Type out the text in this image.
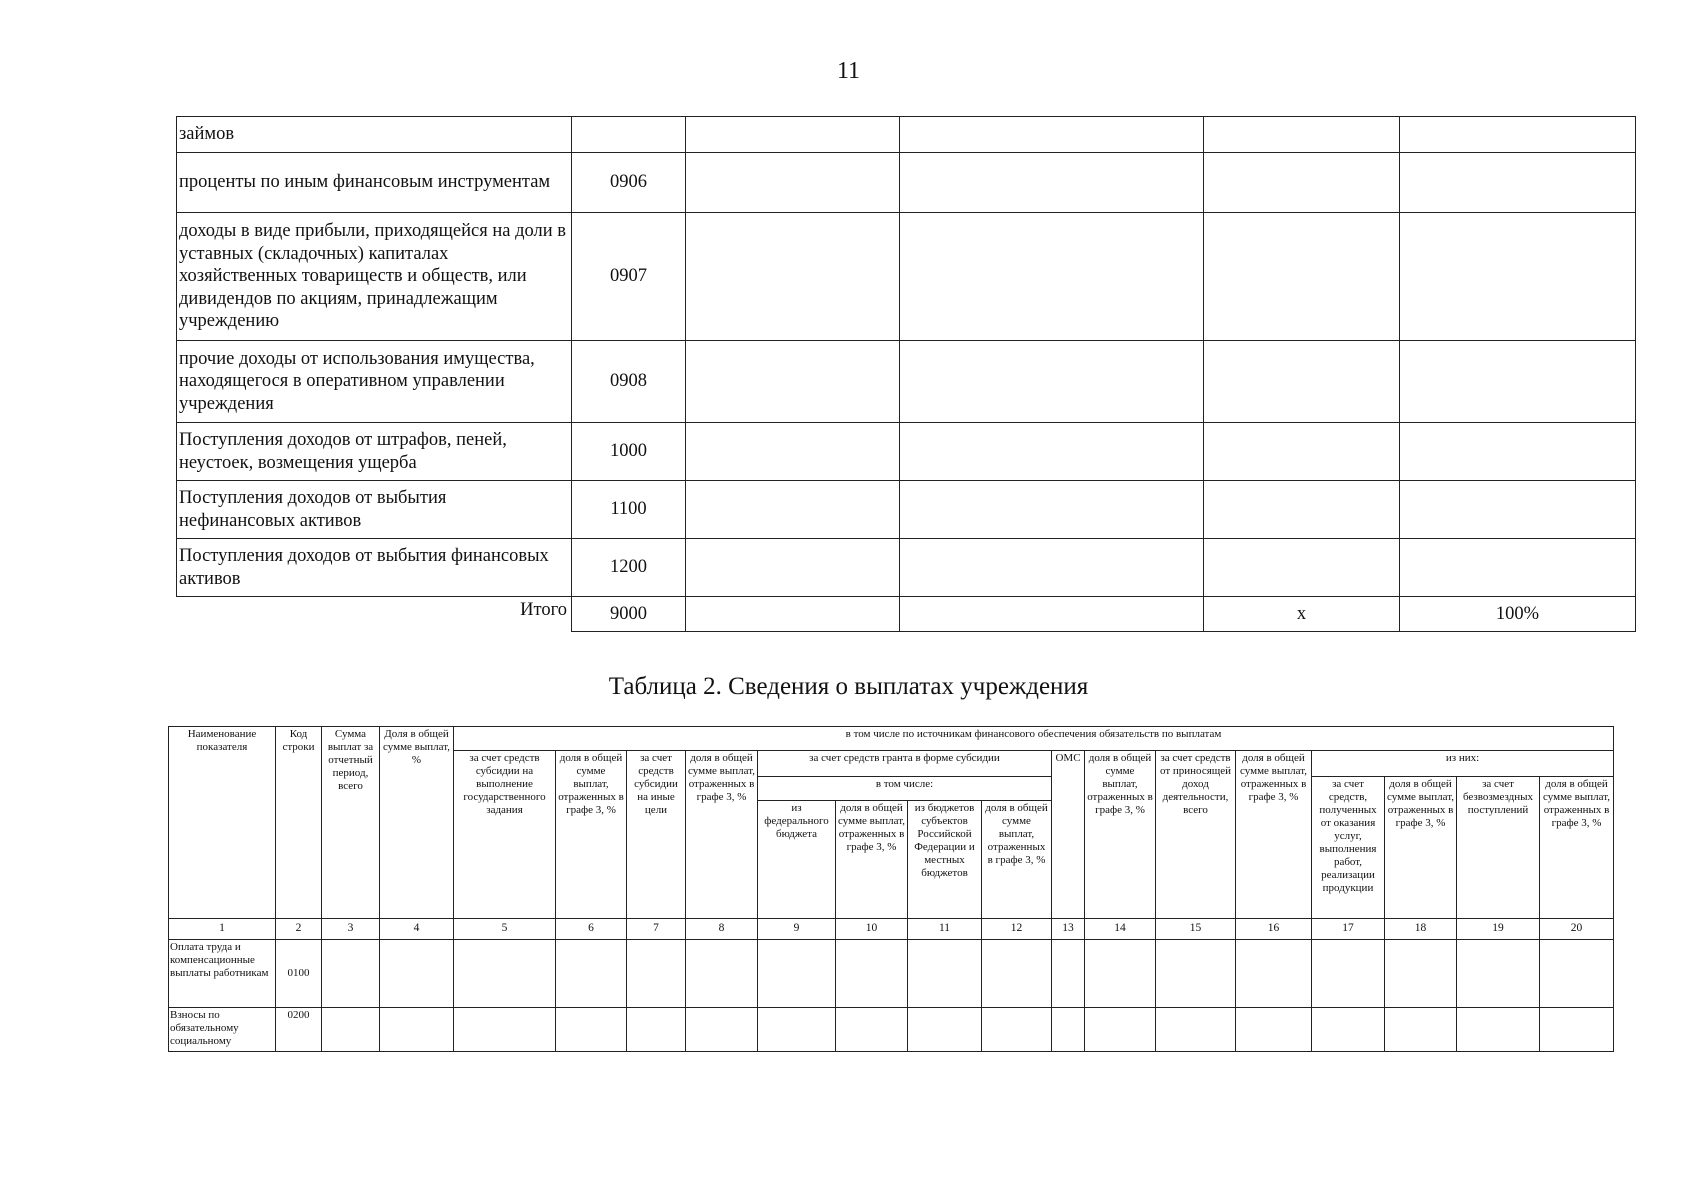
11
займов					
проценты по иным финансовым инструментам	0906				
доходы в виде прибыли, приходящейся на доли в уставных (складочных) капиталах хозяйственных товариществ и обществ, или дивидендов по акциям, принадлежащим учреждению	0907				
прочие доходы от использования имущества, находящегося в оперативном управлении учреждения	0908				
Поступления доходов от штрафов, пеней, неустоек, возмещения ущерба	1000				
Поступления доходов от выбытия нефинансовых активов	1100				
Поступления доходов от выбытия финансовых активов	1200				
Итого	9000			х	100%
Таблица 2. Сведения о выплатах учреждения
Наименование показателя	Код строки	Сумма выплат за отчетный период, всего	Доля в общей сумме выплат, %	в том числе по источникам финансового обеспечения обязательств по выплатам															
				за счет средств субсидии на выполнение государственного задания	доля в общей сумме выплат, отраженных в графе 3, %	за счет средств субсидии на иные цели	доля в общей сумме выплат, отраженных в графе 3, %	за счет средств гранта в форме субсидии				ОМС	доля в общей сумме выплат, отраженных в графе 3, %	за счет средств от приносящей доход деятельности, всего	доля в общей сумме выплат, отраженных в графе 3, %	из них:			
								в том числе:								за счет средств, полученных от оказания услуг, выполнения работ, реализации продукции	доля в общей сумме выплат, отраженных в графе 3, %	за счет безвозмездных поступлений	доля в общей сумме выплат, отраженных в графе 3, %
								из федерального бюджета	доля в общей сумме выплат, отраженных в графе 3, %	из бюджетов субъектов Российской Федерации и местных бюджетов	доля в общей сумме выплат, отраженных в графе 3, %								
1	2	3	4	5	6	7	8	9	10	11	12	13	14	15	16	17	18	19	20
Оплата труда и компенсационные выплаты работникам	0100																		
Взносы по обязательному социальному	0200																		
